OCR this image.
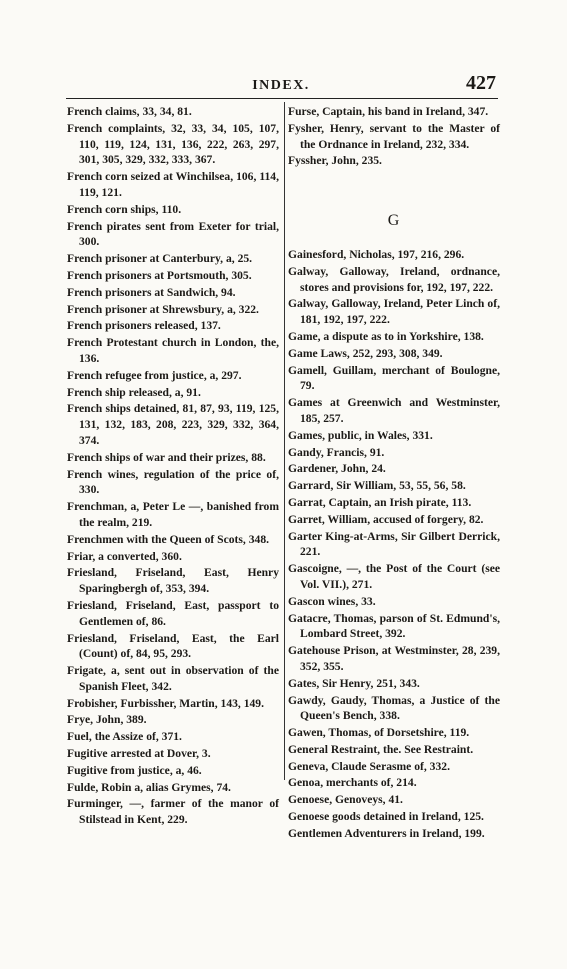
INDEX.	427

French claims, 33, 34, 81.

French complaints, 32, 33, 34, 105, 107, 110, 119, 124, 131, 136, 222, 263, 297, 301, 305, 329, 332, 333, 367.

French corn seized at Winchilsea, 106, 114, 119, 121.

French corn ships, 110.

French pirates sent from Exeter for trial, 300.

French prisoner at Canterbury, a, 25.

French prisoners at Portsmouth, 305.

French prisoners at Sandwich, 94.

French prisoner at Shrewsbury, a, 322.

French prisoners released, 137.

French Protestant church in London, the, 136.

French refugee from justice, a, 297.

French ship released, a, 91.

French ships detained, 81, 87, 93, 119, 125, 131, 132, 183, 208, 223, 329, 332, 364, 374.

French ships of war and their prizes, 88.

French wines, regulation of the price of, 330.

Frenchman, a, Peter Le —, banished from the realm, 219.

Frenchmen with the Queen of Scots, 348.

Friar, a converted, 360.

Friesland, Friseland, East, Henry Sparingbergh of, 353, 394.

Friesland, Friseland, East, passport to Gentlemen of, 86.

Friesland, Friseland, East, the Earl (Count) of, 84, 95, 293.

Frigate, a, sent out in observation of the Spanish Fleet, 342.

Frobisher, Furbissher, Martin, 143, 149.

Frye, John, 389.

Fuel, the Assize of, 371.

Fugitive arrested at Dover, 3.

Fugitive from justice, a, 46.

Fulde, Robin a, alias Grymes, 74.

Furminger, —, farmer of the manor of Stilstead in Kent, 229.

Furse, Captain, his band in Ireland, 347.

Fysher, Henry, servant to the Master of the Ordnance in Ireland, 232, 334.

Fyssher, John, 235.

G

Gainesford, Nicholas, 197, 216, 296.

Galway, Galloway, Ireland, ordnance, stores and provisions for, 192, 197, 222.

Galway, Galloway, Ireland, Peter Linch of, 181, 192, 197, 222.

Game, a dispute as to in Yorkshire, 138.

Game Laws, 252, 293, 308, 349.

Gamell, Guillam, merchant of Boulogne, 79.

Games at Greenwich and Westminster, 185, 257.

Games, public, in Wales, 331.

Gandy, Francis, 91.

Gardener, John, 24.

Garrard, Sir William, 53, 55, 56, 58.

Garrat, Captain, an Irish pirate, 113.

Garret, William, accused of forgery, 82.

Garter King-at-Arms, Sir Gilbert Derrick, 221.

Gascoigne, —, the Post of the Court (see Vol. VII.), 271.

Gascon wines, 33.

Gatacre, Thomas, parson of St. Edmund's, Lombard Street, 392.

Gatehouse Prison, at Westminster, 28, 239, 352, 355.

Gates, Sir Henry, 251, 343.

Gawdy, Gaudy, Thomas, a Justice of the Queen's Bench, 338.

Gawen, Thomas, of Dorsetshire, 119.

General Restraint, the. See Restraint.

Geneva, Claude Serasme of, 332.

Genoa, merchants of, 214.

Genoese, Genoveys, 41.

Genoese goods detained in Ireland, 125.

Gentlemen Adventurers in Ireland, 199.
